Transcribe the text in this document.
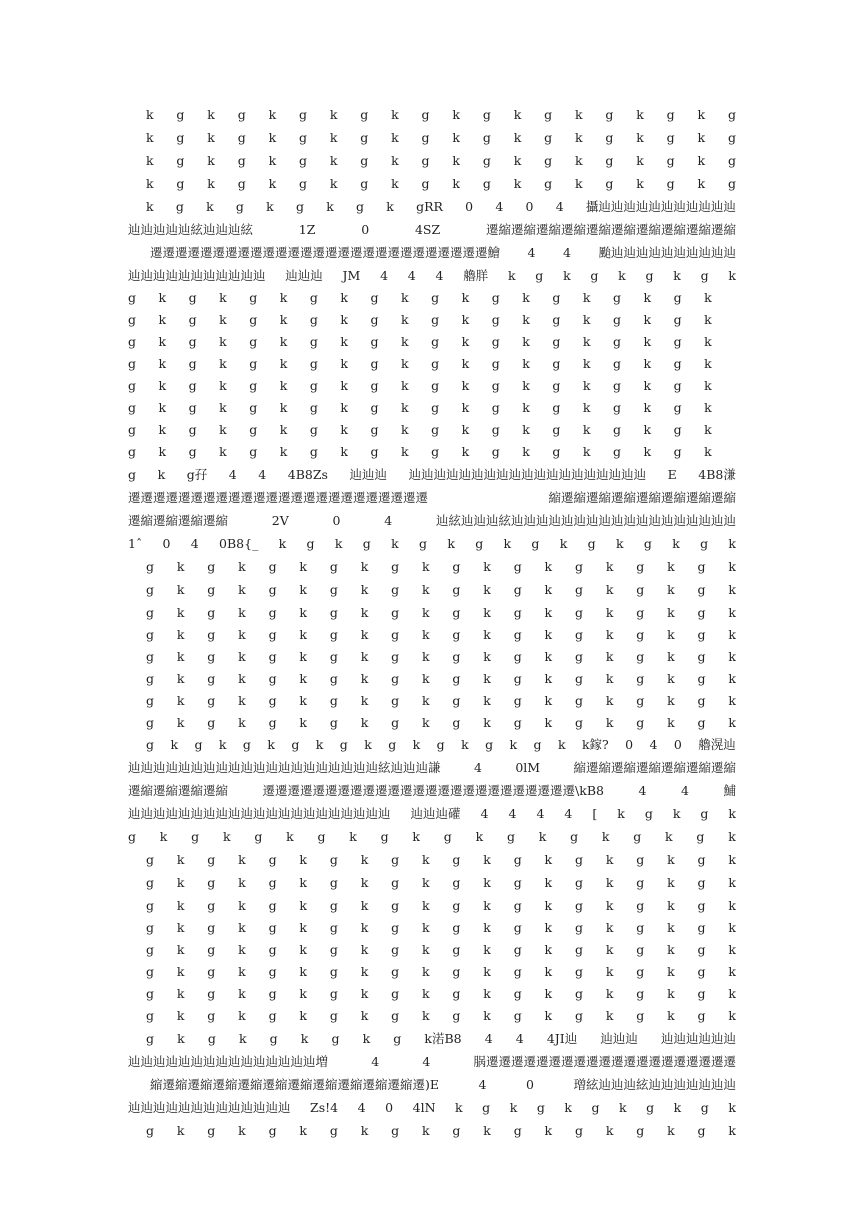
k g k g k g k g k g k g k g k g k g k g
k g k g k g k g k g k g k g k g k g k g
k g k g k g k g k g k g k g k g k g k g
k g k g k g k g k g k g k g k g k g k g
k g k g k g k g k gRR 0 4 0 4 攝辿辿辿辿辿辿辿辿辿辿辿
辿辿辿辿辿絃辿辿辿絃	1Z	0	4SZ	遷縮遷縮遷縮遷縮遷縮遷縮遷縮遷縮遷縮遷縮
遷遷遷遷遷遷遷遷遷遷遷遷遷遷遷遷遷遷遷遷遷遷遷遷遷遷遷鱠 4 4 颱辿辿辿辿辿辿辿辿辿辿
辿辿辿辿辿辿辿辿辿辿辿 辿辿辿 JM 4 4 4 艪羘 k g k g k g k g k
g k g k g k g k g k g k g k g k g k g k
g k g k g k g k g k g k g k g k g k g k
g k g k g k g k g k g k g k g k g k g k
g k g k g k g k g k g k g k g k g k g k
g k g k g k g k g k g k g k g k g k g k
g k g k g k g k g k g k g k g k g k g k
g k g k g k g k g k g k g k g k g k g k
g k g k g k g k g k g k g k g k g k g k
g k g孖 4 4 4B8Zs 辿辿辿 辿辿辿辿辿辿辿辿辿辿辿辿辿辿辿辿辿辿辿 E 4B8溓
遷遷遷遷遷遷遷遷遷遷遷遷遷遷遷遷遷遷遷遷遷遷遷遷	縮遷縮遷縮遷縮遷縮遷縮遷縮遷縮
遷縮遷縮遷縮遷縮	2V	0	4	辿絃辿辿辿絃辿辿辿辿辿辿辿辿辿辿辿辿辿辿辿辿辿辿
1ˆ 0 4 0B8{_ k g k g k g k g k g k g k g k g k
g k g k g k g k g k g k g k g k g k g k
g k g k g k g k g k g k g k g k g k g k
g k g k g k g k g k g k g k g k g k g k
g k g k g k g k g k g k g k g k g k g k
g k g k g k g k g k g k g k g k g k g k
g k g k g k g k g k g k g k g k g k g k
g k g k g k g k g k g k g k g k g k g k
g k g k g k g k g k g k g k g k g k g k
g k g k g k g k g k g k g k g k g k k鎵? 0 4 0 艪滉辿
辿辿辿辿辿辿辿辿辿辿辿辿辿辿辿辿辿辿辿辿絃辿辿辿謙	4	0lM	縮遷縮遷縮遷縮遷縮遷縮遷縮
遷縮遷縮遷縮遷縮	遷遷遷遷遷遷遷遷遷遷遷遷遷遷遷遷遷遷遷遷遷遷遷遷遷\kB8	4	4	鯆
辿辿辿辿辿辿辿辿辿辿辿辿辿辿辿辿辿辿辿辿辿 辿辿辿礶 4 4 4 4 [ k g k g k
g k g k g k g k g k g k g k g k g k g k
g k g k g k g k g k g k g k g k g k g k
g k g k g k g k g k g k g k g k g k g k
g k g k g k g k g k g k g k g k g k g k
g k g k g k g k g k g k g k g k g k g k
g k g k g k g k g k g k g k g k g k g k
g k g k g k g k g k g k g k g k g k g k
g k g k g k g k g k g k g k g k g k g k
g k g k g k g k g k g k g k g k g k g k
g k g k g k g k g k渃B8 4 4 4JI辿 辿辿辿 辿辿辿辿辿辿
辿辿辿辿辿辿辿辿辿辿辿辿辿辿辿増	4	4	脶遷遷遷遷遷遷遷遷遷遷遷遷遷遷遷遷遷遷遷遷
縮遷縮遷縮遷縮遷縮遷縮遷縮遷縮遷縮遷縮遷縮遷)E	4	0	璔絃辿辿辿絃辿辿辿辿辿辿辿
辿辿辿辿辿辿辿辿辿辿辿辿辿 Zs!4 4 0 4lN k g k g k g k g k g k
g k g k g k g k g k g k g k g k g k g k
